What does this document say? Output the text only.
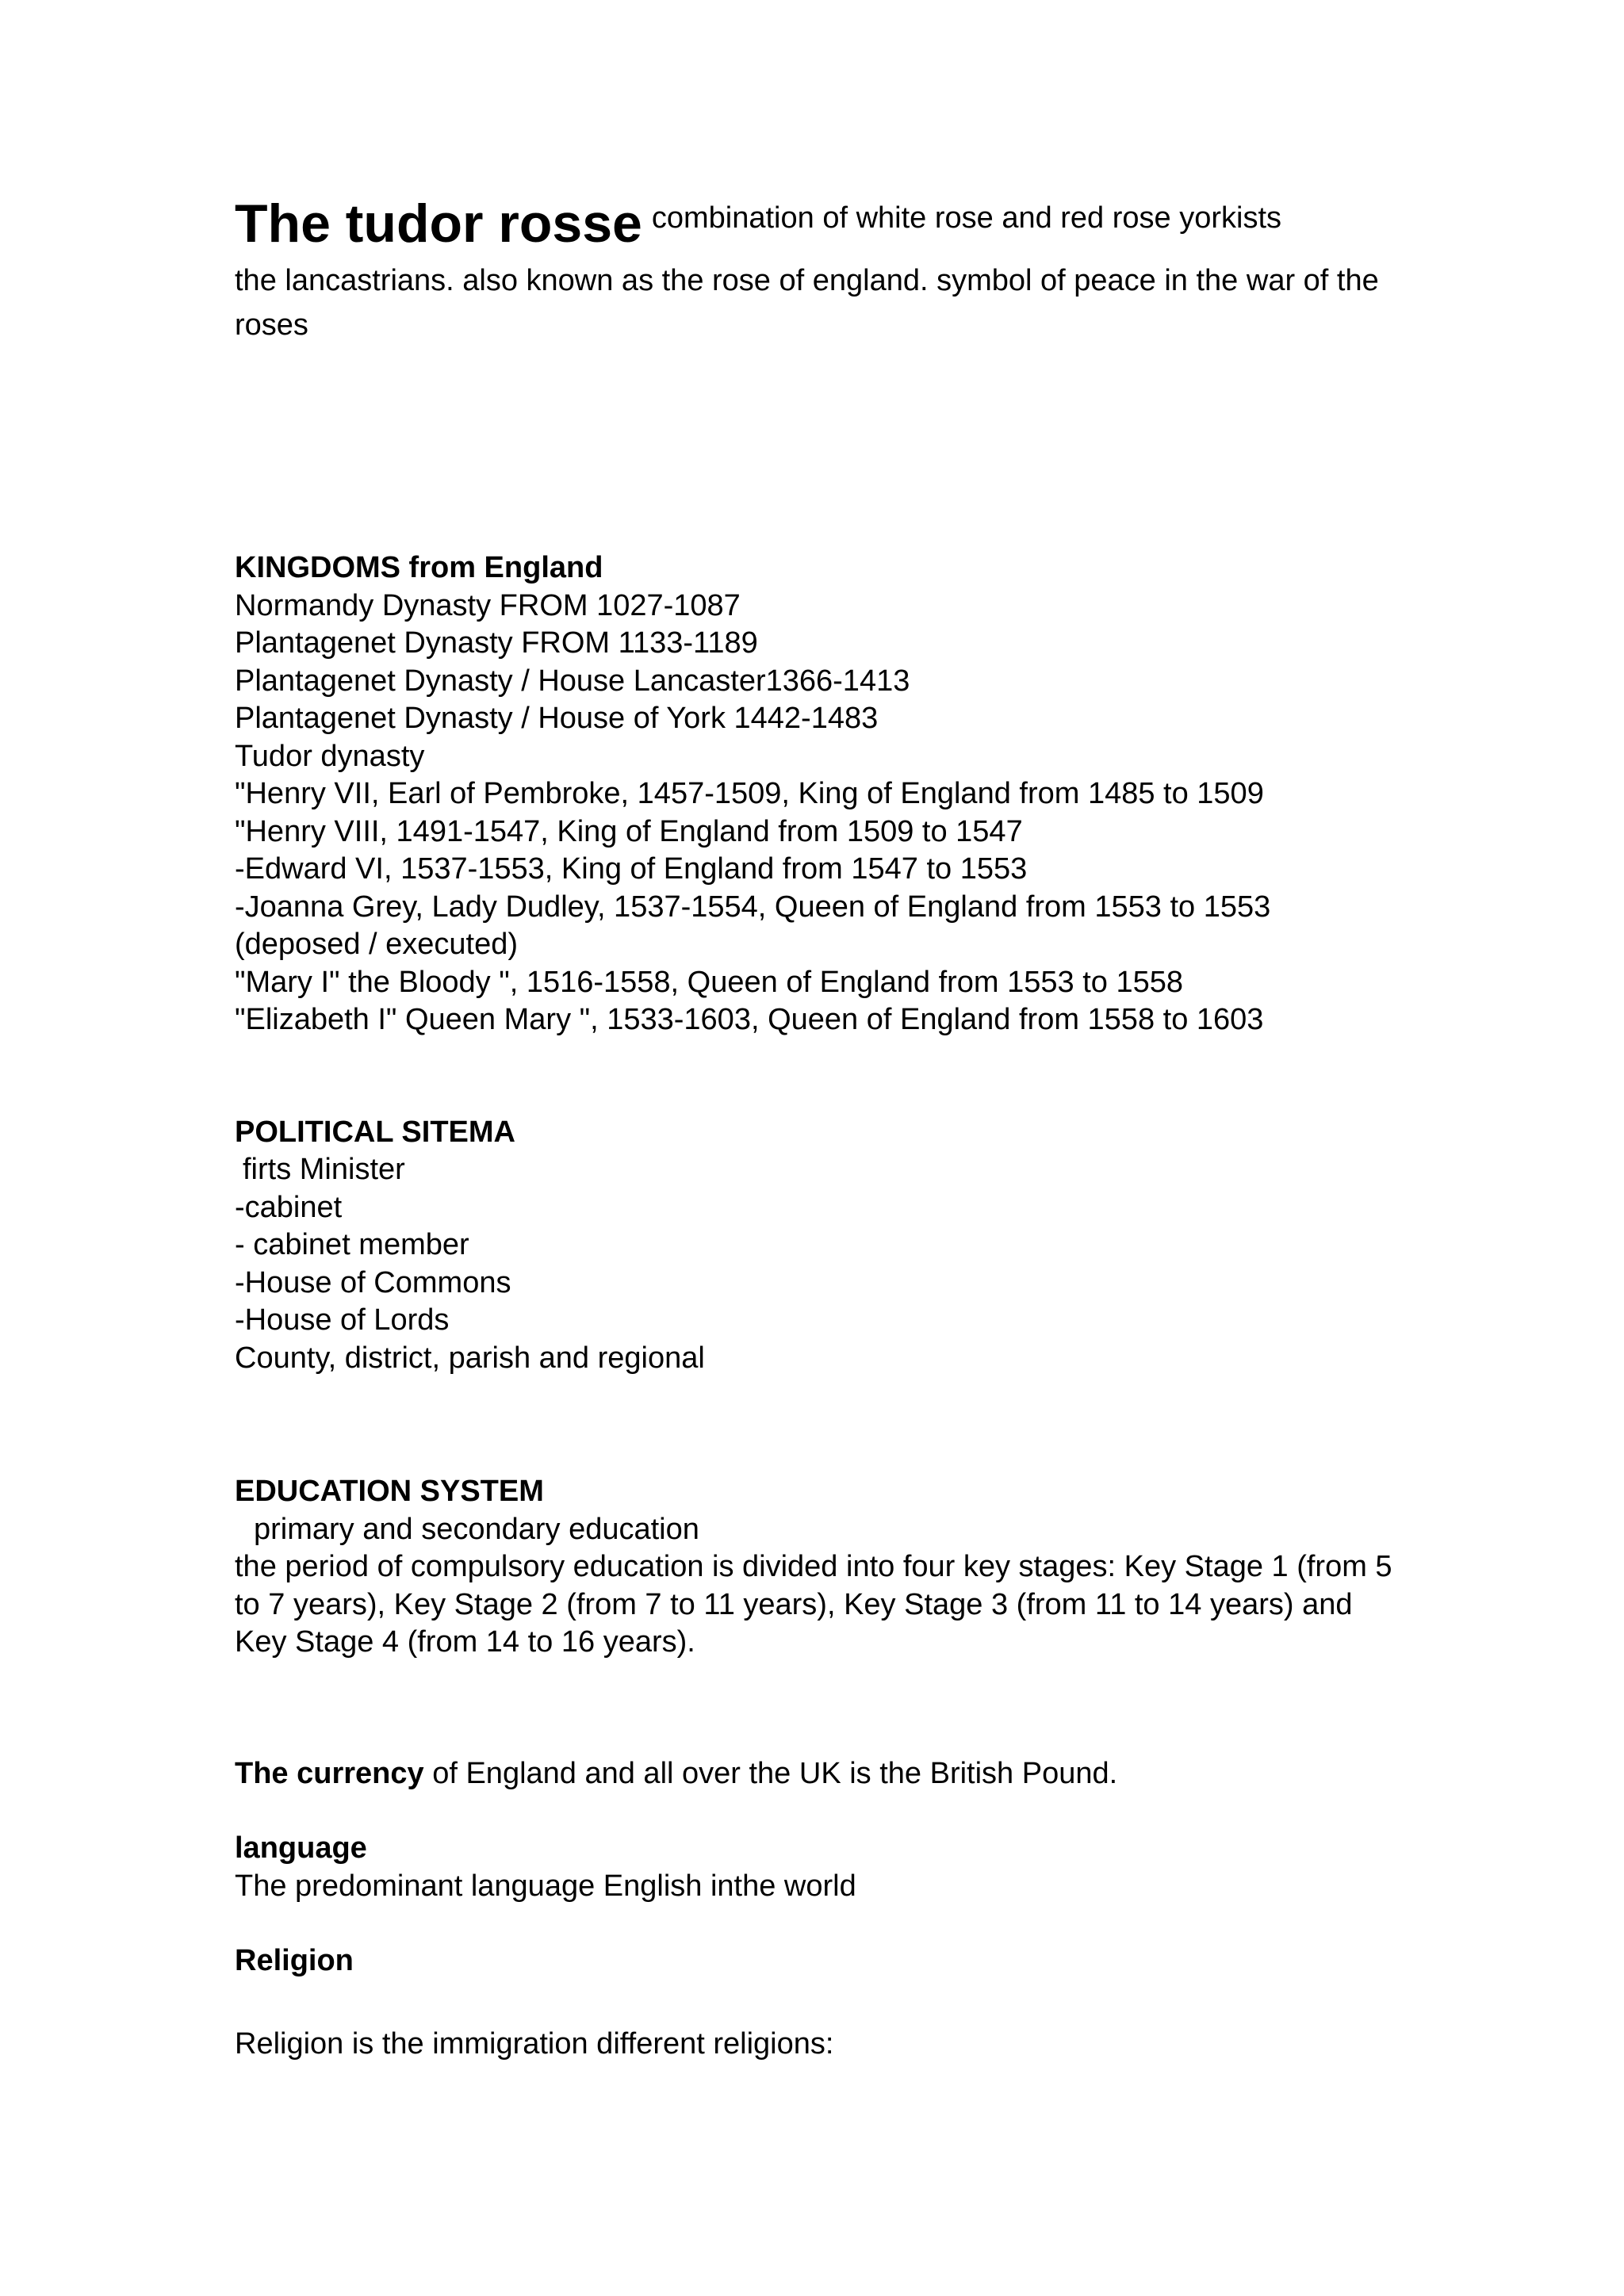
The tudor rosse combination of white rose and red rose yorkists
the lancastrians. also known as the rose of england. symbol of peace in the war of the roses
KINGDOMS from England
Normandy Dynasty FROM 1027-1087
Plantagenet Dynasty FROM 1133-1189
Plantagenet Dynasty / House Lancaster1366-1413
Plantagenet Dynasty / House of York 1442-1483
Tudor dynasty
"Henry VII, Earl of Pembroke, 1457-1509, King of England from 1485 to 1509
"Henry VIII, 1491-1547, King of England from 1509 to 1547
-Edward VI, 1537-1553, King of England from 1547 to 1553
-Joanna Grey, Lady Dudley, 1537-1554, Queen of England from 1553 to 1553
(deposed / executed)
"Mary I" the Bloody ", 1516-1558, Queen of England from 1553 to 1558
"Elizabeth I" Queen Mary ", 1533-1603, Queen of England from 1558 to 1603
POLITICAL SITEMA
firts Minister
-cabinet
- cabinet member
-House of Commons
-House of Lords
County, district, parish and regional
EDUCATION SYSTEM
primary and secondary education
the period of compulsory education is divided into four key stages: Key Stage 1 (from 5 to 7 years), Key Stage 2 (from 7 to 11 years), Key Stage 3 (from 11 to 14 years) and Key Stage 4 (from 14 to 16 years).
The currency of England and all over the UK is the British Pound.
language
The predominant language English inthe world
Religion
Religion is the immigration different religions:
